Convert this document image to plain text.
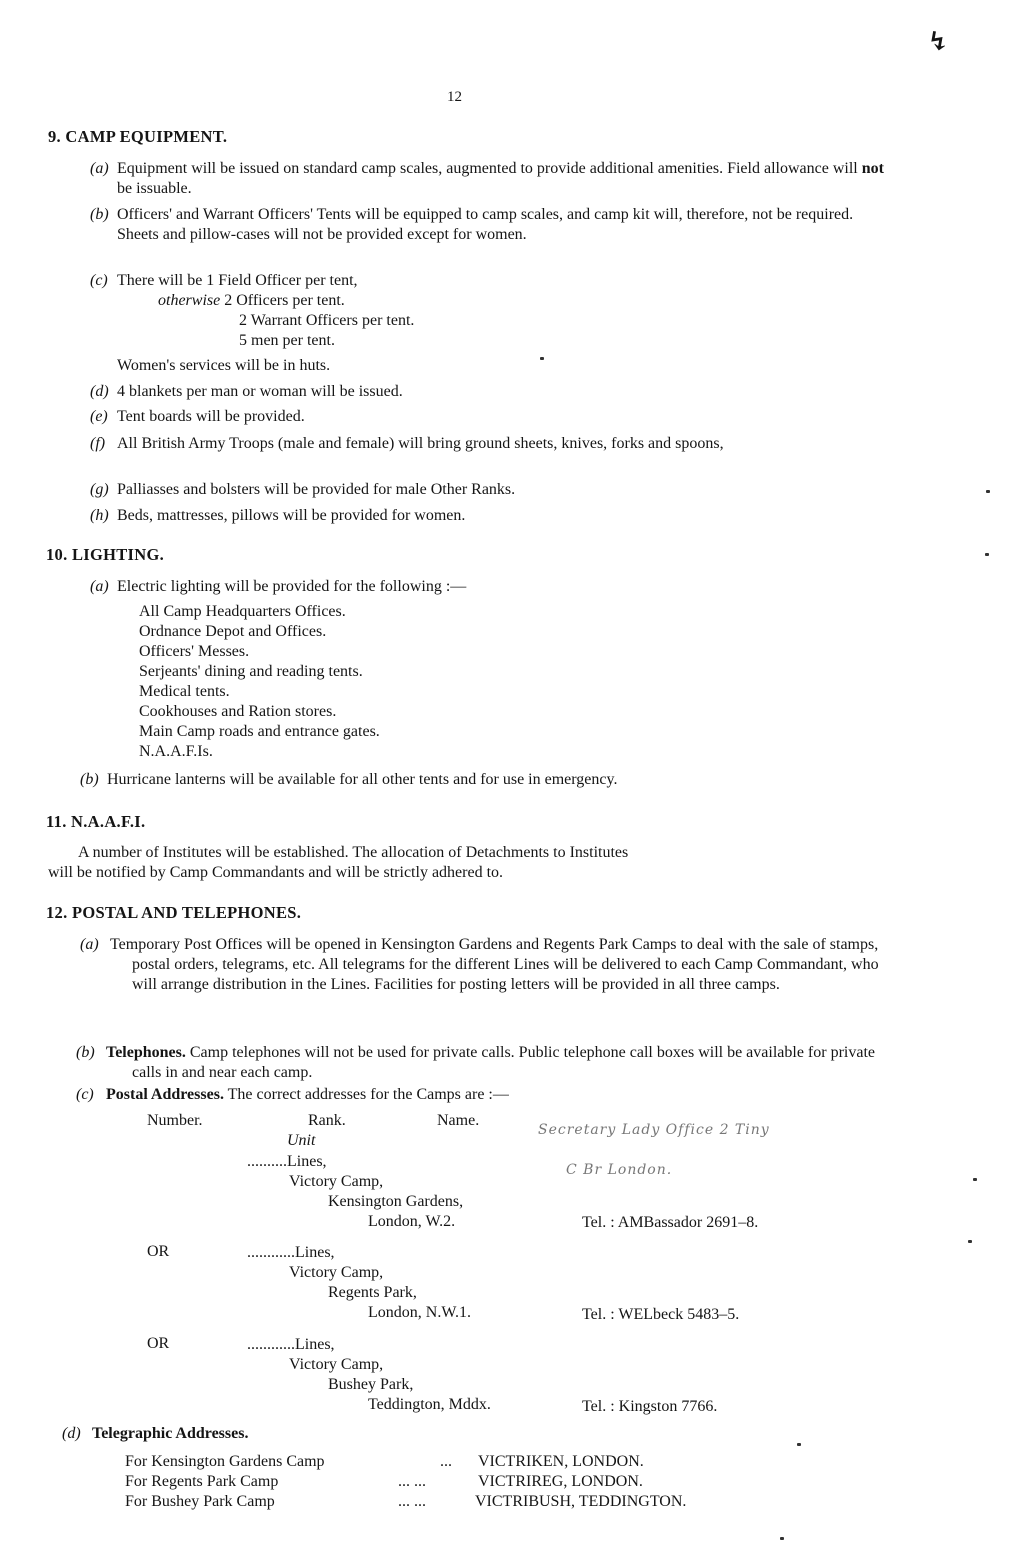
↯
12
9. CAMP EQUIPMENT.
(a) Equipment will be issued on standard camp scales, augmented to provide additional amenities. Field allowance will not be issuable.
(b) Officers' and Warrant Officers' Tents will be equipped to camp scales, and camp kit will, therefore, not be required. Sheets and pillow-cases will not be provided except for women.
(c) There will be 1 Field Officer per tent,
otherwise 2 Officers per tent.
2 Warrant Officers per tent.
5 men per tent.
Women's services will be in huts.
(d) 4 blankets per man or woman will be issued.
(e) Tent boards will be provided.
(f) All British Army Troops (male and female) will bring ground sheets, knives, forks and spoons,
(g) Palliasses and bolsters will be provided for male Other Ranks.
(h) Beds, mattresses, pillows will be provided for women.
10. LIGHTING.
(a) Electric lighting will be provided for the following :—
All Camp Headquarters Offices.
Ordnance Depot and Offices.
Officers' Messes.
Serjeants' dining and reading tents.
Medical tents.
Cookhouses and Ration stores.
Main Camp roads and entrance gates.
N.A.A.F.Is.
(b) Hurricane lanterns will be available for all other tents and for use in emergency.
11. N.A.A.F.I.
A number of Institutes will be established. The allocation of Detachments to Institutes
will be notified by Camp Commandants and will be strictly adhered to.
12. POSTAL AND TELEPHONES.
(a) Temporary Post Offices will be opened in Kensington Gardens and Regents Park Camps to deal with the sale of stamps, postal orders, telegrams, etc. All telegrams for the different Lines will be delivered to each Camp Commandant, who will arrange distribution in the Lines. Facilities for posting letters will be provided in all three camps.
(b) Telephones. Camp telephones will not be used for private calls. Public telephone call boxes will be available for private calls in and near each camp.
(c) Postal Addresses. The correct addresses for the Camps are :—
Number.	Rank.	Name.
Unit
Secretary Lady Office 2 Tiny
C Br London.
..........Lines,
Victory Camp,
Kensington Gardens,
London, W.2.	Tel. : AMBassador 2691–8.
OR	............Lines,
Victory Camp,
Regents Park,
London, N.W.1.	Tel. : WELbeck 5483–5.
OR	............Lines,
Victory Camp,
Bushey Park,
Teddington, Mddx.	Tel. : Kingston 7766.
(d) Telegraphic Addresses.
For Kensington Gardens Camp	... VICTRIKEN, LONDON.
For Regents Park Camp	... ...	VICTRIREG, LONDON.
For Bushey Park Camp	... ...	VICTRIBUSH, TEDDINGTON.
